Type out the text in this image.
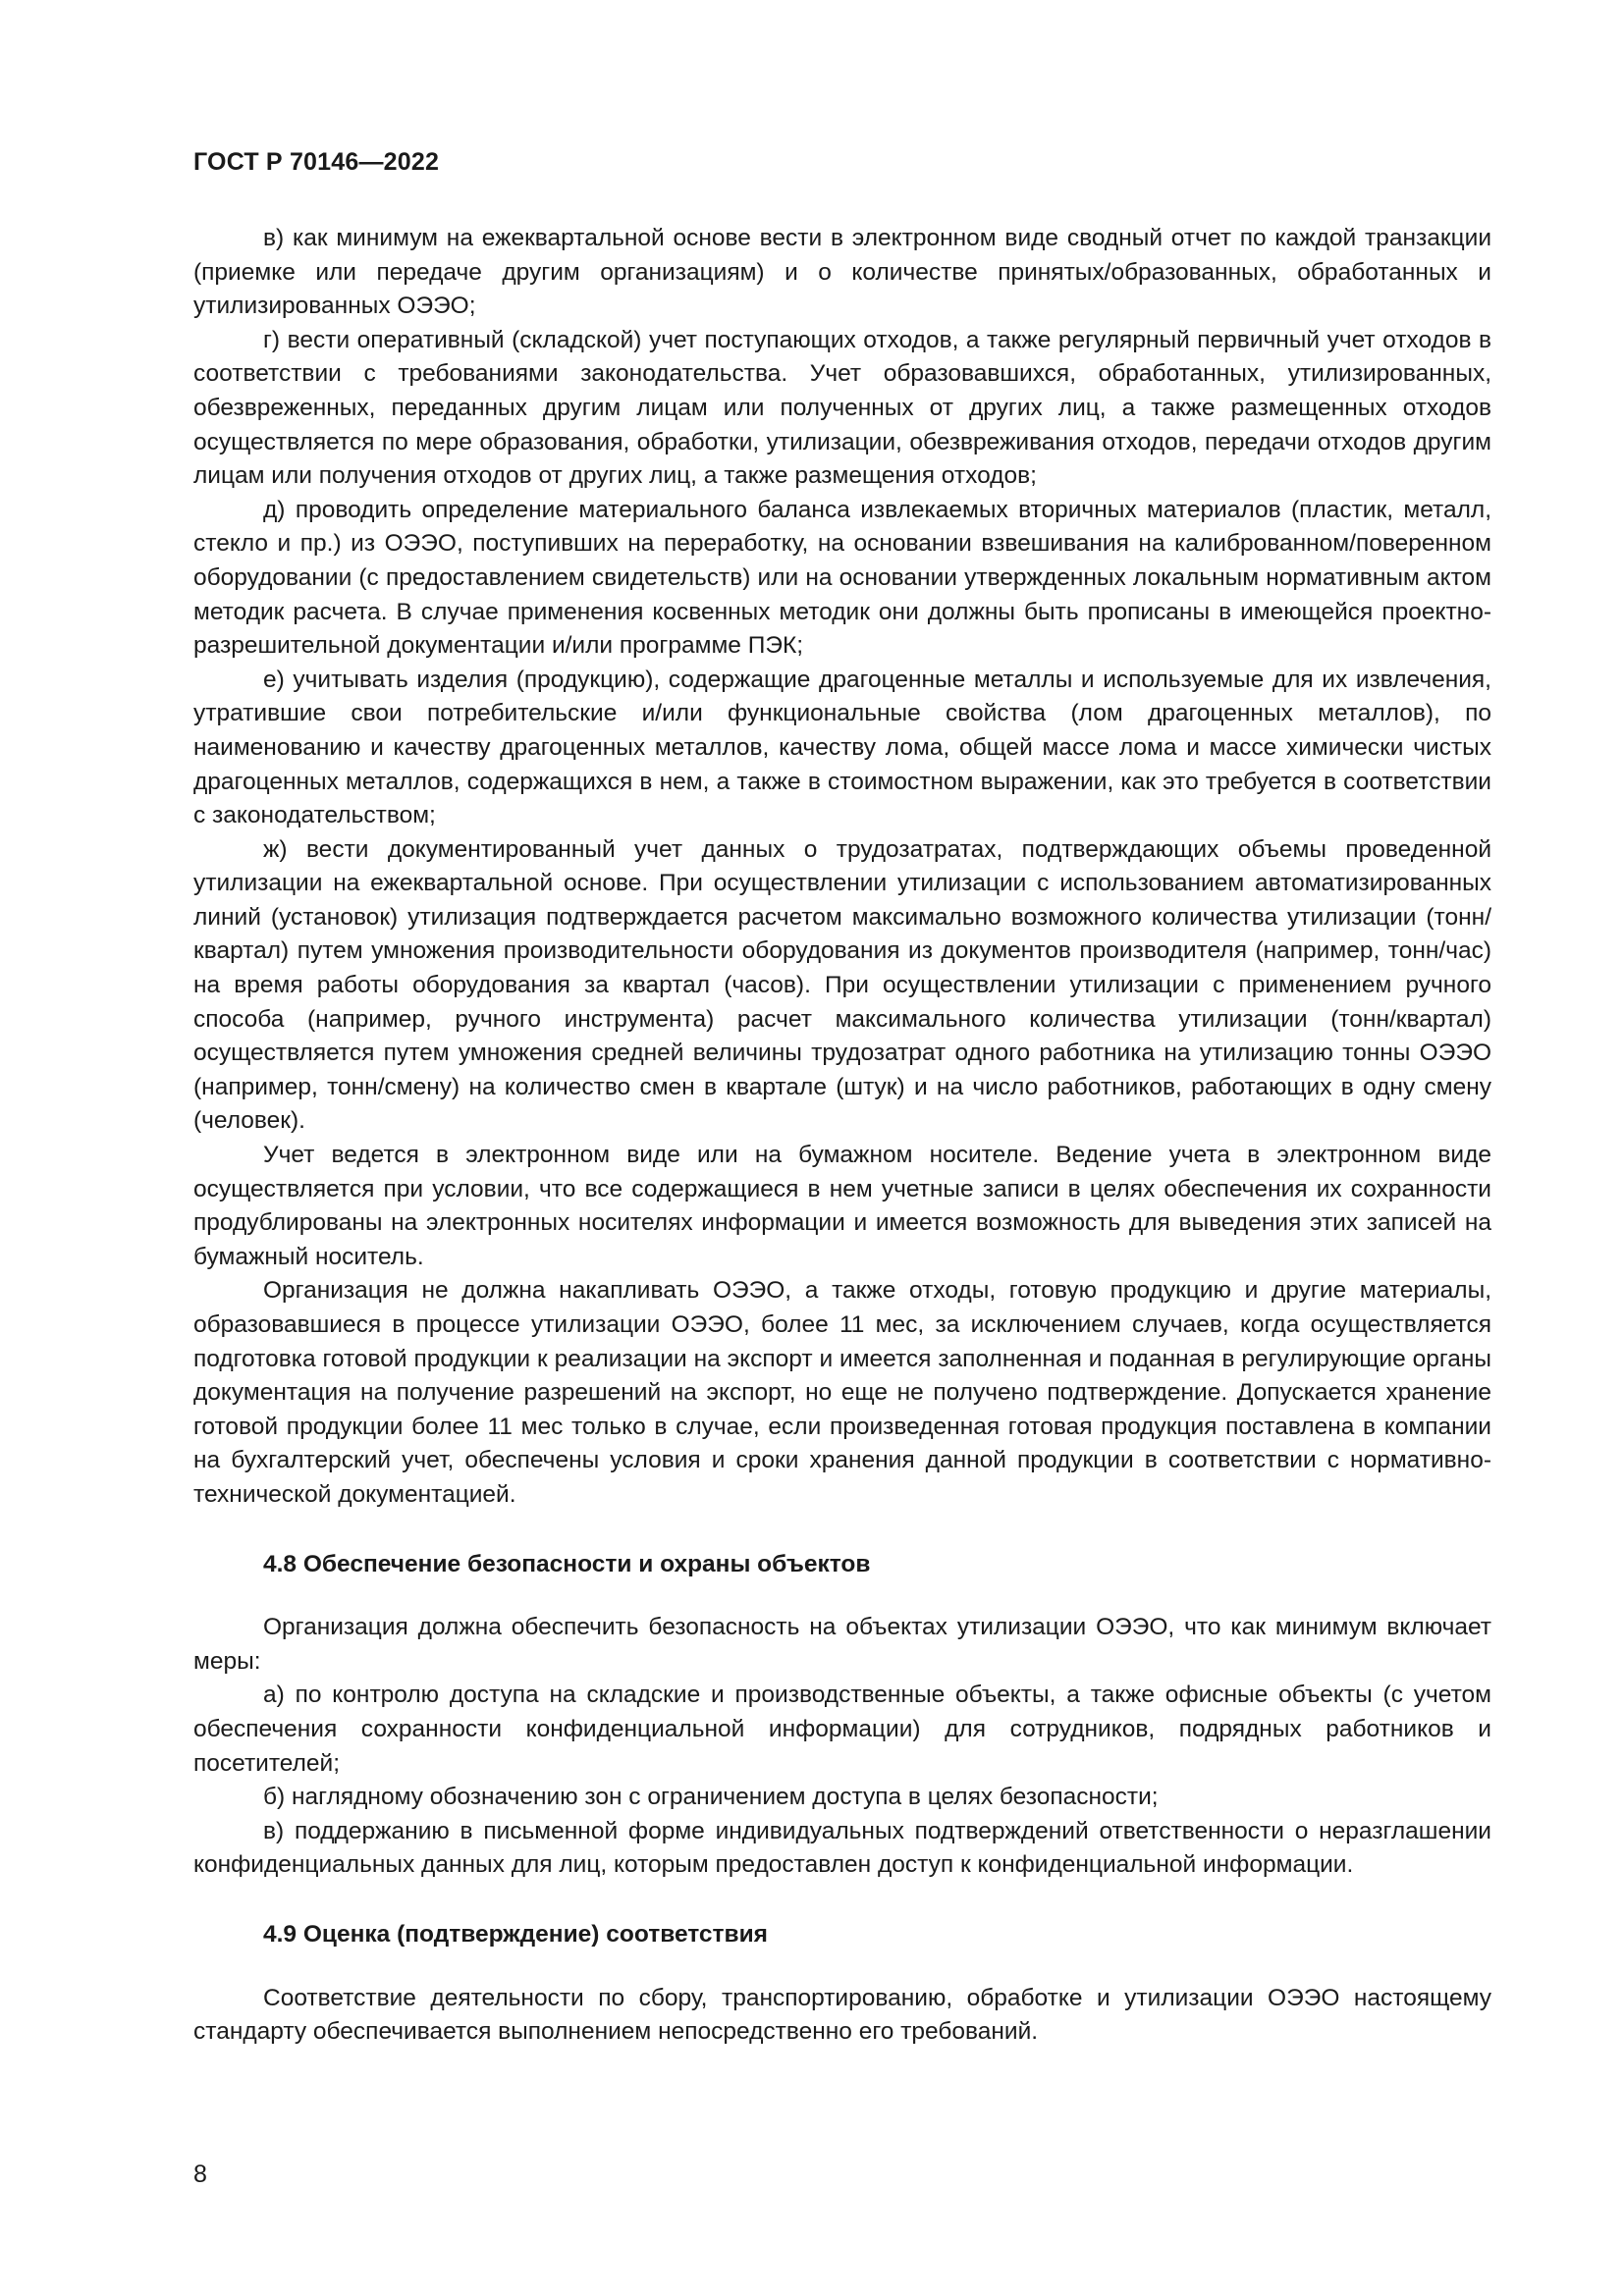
ГОСТ Р 70146—2022

в) как минимум на ежеквартальной основе вести в электронном виде сводный отчет по каждой транзакции (приемке или передаче другим организациям) и о количестве принятых/образованных, обработанных и утилизированных ОЭЭО;

г) вести оперативный (складской) учет поступающих отходов, а также регулярный первичный учет отходов в соответствии с требованиями законодательства. Учет образовавшихся, обработанных, утилизированных, обезвреженных, переданных другим лицам или полученных от других лиц, а также размещенных отходов осуществляется по мере образования, обработки, утилизации, обезвреживания отходов, передачи отходов другим лицам или получения отходов от других лиц, а также размещения отходов;

д) проводить определение материального баланса извлекаемых вторичных материалов (пластик, металл, стекло и пр.) из ОЭЭО, поступивших на переработку, на основании взвешивания на калиброванном/поверенном оборудовании (с предоставлением свидетельств) или на основании утвержденных локальным нормативным актом методик расчета. В случае применения косвенных методик они должны быть прописаны в имеющейся проектно-разрешительной документации и/или программе ПЭК;

е) учитывать изделия (продукцию), содержащие драгоценные металлы и используемые для их извлечения, утратившие свои потребительские и/или функциональные свойства (лом драгоценных металлов), по наименованию и качеству драгоценных металлов, качеству лома, общей массе лома и массе химически чистых драгоценных металлов, содержащихся в нем, а также в стоимостном выражении, как это требуется в соответствии с законодательством;

ж) вести документированный учет данных о трудозатратах, подтверждающих объемы проведенной утилизации на ежеквартальной основе. При осуществлении утилизации с использованием автоматизированных линий (установок) утилизация подтверждается расчетом максимально возможного количества утилизации (тонн/квартал) путем умножения производительности оборудования из документов производителя (например, тонн/час) на время работы оборудования за квартал (часов). При осуществлении утилизации с применением ручного способа (например, ручного инструмента) расчет максимального количества утилизации (тонн/квартал) осуществляется путем умножения средней величины трудозатрат одного работника на утилизацию тонны ОЭЭО (например, тонн/смену) на количество смен в квартале (штук) и на число работников, работающих в одну смену (человек).

Учет ведется в электронном виде или на бумажном носителе. Ведение учета в электронном виде осуществляется при условии, что все содержащиеся в нем учетные записи в целях обеспечения их сохранности продублированы на электронных носителях информации и имеется возможность для выведения этих записей на бумажный носитель.

Организация не должна накапливать ОЭЭО, а также отходы, готовую продукцию и другие материалы, образовавшиеся в процессе утилизации ОЭЭО, более 11 мес, за исключением случаев, когда осуществляется подготовка готовой продукции к реализации на экспорт и имеется заполненная и поданная в регулирующие органы документация на получение разрешений на экспорт, но еще не получено подтверждение. Допускается хранение готовой продукции более 11 мес только в случае, если произведенная готовая продукция поставлена в компании на бухгалтерский учет, обеспечены условия и сроки хранения данной продукции в соответствии с нормативно-технической документацией.

4.8 Обеспечение безопасности и охраны объектов

Организация должна обеспечить безопасность на объектах утилизации ОЭЭО, что как минимум включает меры:

а) по контролю доступа на складские и производственные объекты, а также офисные объекты (с учетом обеспечения сохранности конфиденциальной информации) для сотрудников, подрядных работников и посетителей;

б) наглядному обозначению зон с ограничением доступа в целях безопасности;

в) поддержанию в письменной форме индивидуальных подтверждений ответственности о неразглашении конфиденциальных данных для лиц, которым предоставлен доступ к конфиденциальной информации.

4.9 Оценка (подтверждение) соответствия

Соответствие деятельности по сбору, транспортированию, обработке и утилизации ОЭЭО настоящему стандарту обеспечивается выполнением непосредственно его требований.

8
